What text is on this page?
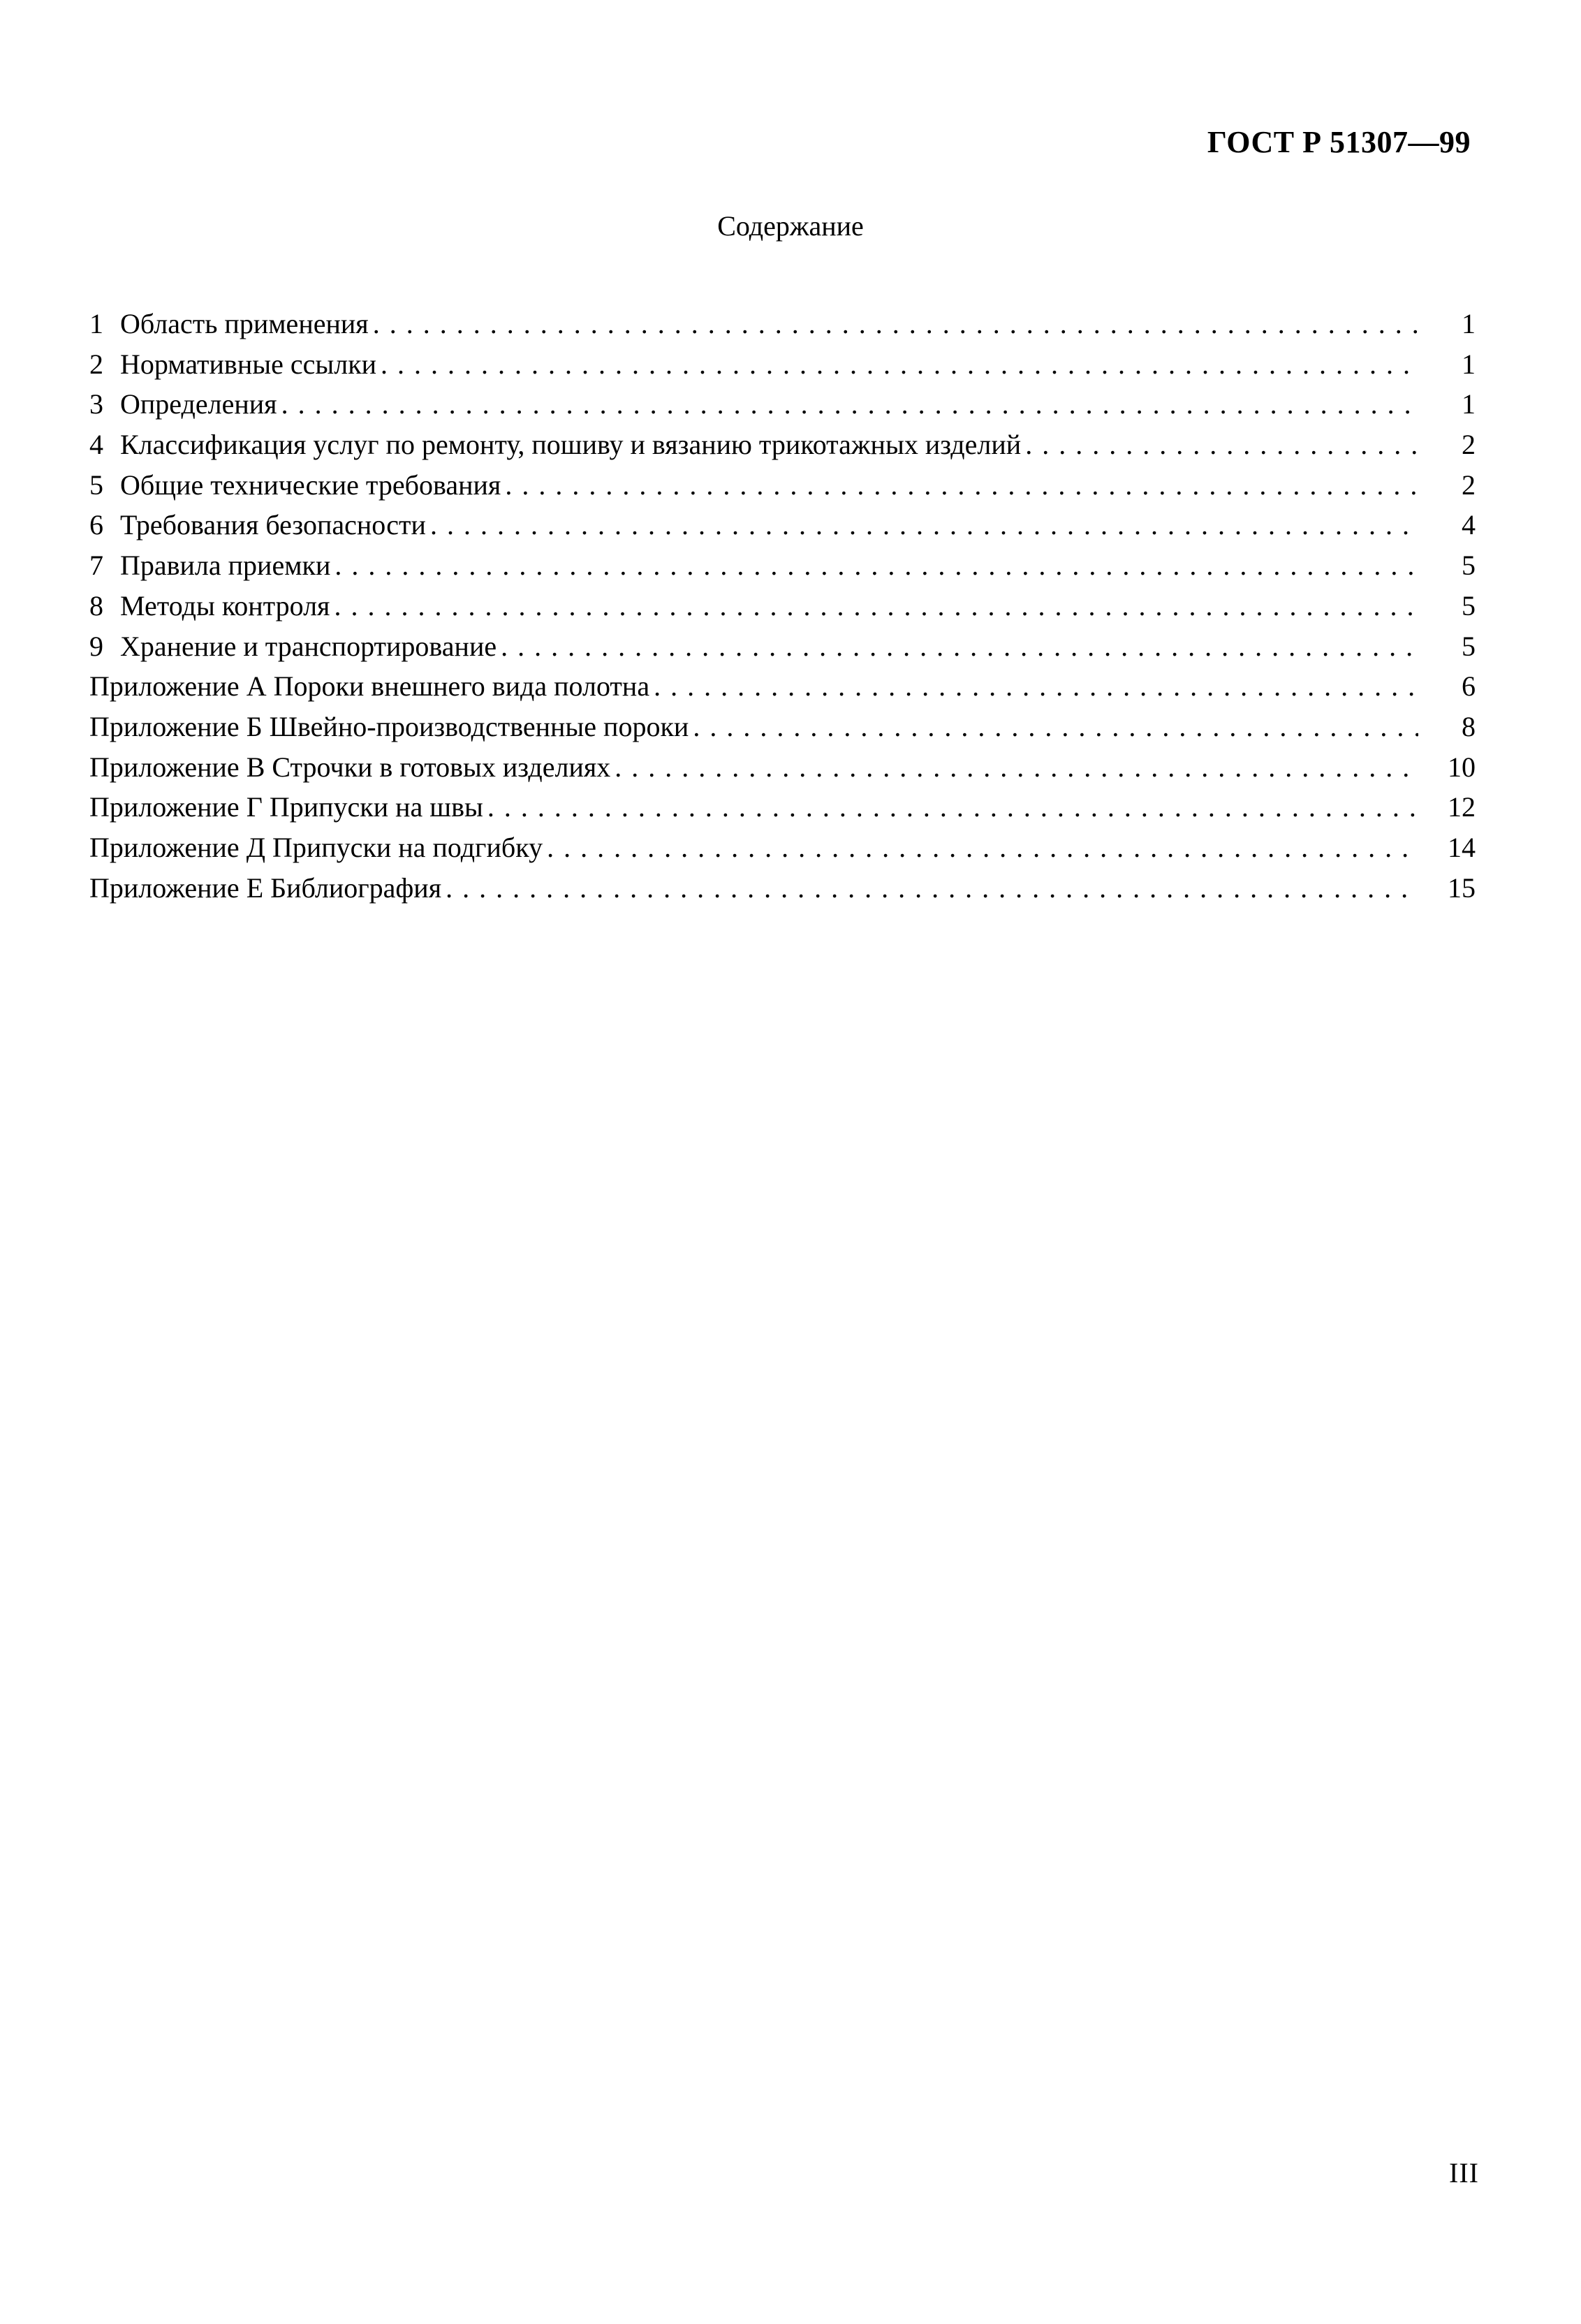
ГОСТ Р 51307—99
Содержание
1 Область применения . . .	1
2 Нормативные ссылки . . .	1
3 Определения . . .	1
4 Классификация услуг по ремонту, пошиву и вязанию трикотажных изделий . . .	2
5 Общие технические требования . . .	2
6 Требования безопасности . . .	4
7 Правила приемки . . .	5
8 Методы контроля . . .	5
9 Хранение и транспортирование . . .	5
Приложение А Пороки внешнего вида полотна . . .	6
Приложение Б Швейно-производственные пороки . . .	8
Приложение В Строчки в готовых изделиях . . .	10
Приложение Г Припуски на швы . . .	12
Приложение Д Припуски на подгибку . . .	14
Приложение Е Библиография . . .	15
III
